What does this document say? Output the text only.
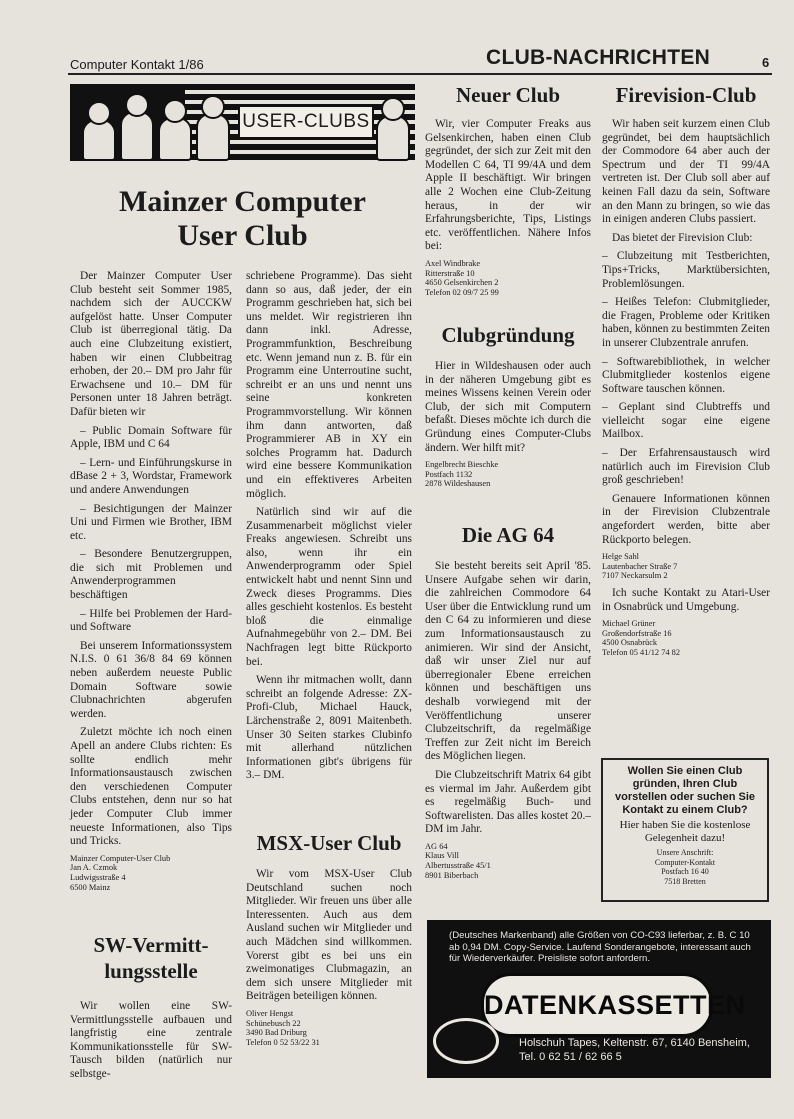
Computer Kontakt 1/86	CLUB-NACHRICHTEN	6
USER-CLUBS
Mainzer Computer
User Club

Der Mainzer Computer User Club besteht seit Sommer 1985, nachdem sich der AUCCKW aufgelöst hatte. Unser Computer Club ist überregional tätig. Da auch eine Clubzeitung existiert, haben wir einen Clubbeitrag erhoben, der 20.– DM pro Jahr für Erwachsene und 10.– DM für Personen unter 18 Jahren beträgt. Dafür bieten wir

– Public Domain Software für Apple, IBM und C 64

– Lern- und Einführungskurse in dBase 2 + 3, Wordstar, Framework und andere Anwendungen

– Besichtigungen der Mainzer Uni und Firmen wie Brother, IBM etc.

– Besondere Benutzergruppen, die sich mit Problemen und Anwenderprogrammen beschäftigen

– Hilfe bei Problemen der Hard- und Software

Bei unserem Informationssystem N.I.S. 0 61 36/8 84 69 können neben außerdem neueste Public Domain Software sowie Clubnachrichten abgerufen werden.

Zuletzt möchte ich noch einen Apell an andere Clubs richten: Es sollte endlich mehr Informationsaustausch zwischen den verschiedenen Computer Clubs entstehen, denn nur so hat jeder Computer Club immer neueste Informationen, also Tips und Tricks.

Mainzer Computer-User Club
Jan A. Czmok
Ludwigsstraße 4
6500 Mainz

SW-Vermitt-
lungsstelle

Wir wollen eine SW-Vermittlungsstelle aufbauen und langfristig eine zentrale Kommunikationsstelle für SW-Tausch bilden (natürlich nur selbstge-

schriebene Programme). Das sieht dann so aus, daß jeder, der ein Programm geschrieben hat, sich bei uns meldet. Wir registrieren ihn dann inkl. Adresse, Programmfunktion, Beschreibung etc. Wenn jemand nun z. B. für ein Programm eine Unterroutine sucht, schreibt er an uns und nennt uns seine konkreten Programmvorstellung. Wir können ihm dann antworten, daß Programmierer AB in XY ein solches Programm hat. Dadurch wird eine bessere Kommunikation und ein effektiveres Arbeiten möglich.

Natürlich sind wir auf die Zusammenarbeit möglichst vieler Freaks angewiesen. Schreibt uns also, wenn ihr ein Anwenderprogramm oder Spiel entwickelt habt und nennt Sinn und Zweck dieses Programms. Dies alles geschieht kostenlos. Es besteht bloß die einmalige Aufnahmegebühr von 2.– DM. Bei Nachfragen legt bitte Rückporto bei.

Wenn ihr mitmachen wollt, dann schreibt an folgende Adresse: ZX-Profi-Club, Michael Hauck, Lärchenstraße 2, 8091 Maitenbeth. Unser 30 Seiten starkes Clubinfo mit allerhand nützlichen Informationen gibt's übrigens für 3.– DM.

MSX-User Club

Wir vom MSX-User Club Deutschland suchen noch Mitglieder. Wir freuen uns über alle Interessenten. Auch aus dem Ausland suchen wir Mitglieder und auch Mädchen sind willkommen. Vorerst gibt es bei uns ein zweimonatiges Clubmagazin, an dem sich unsere Mitglieder mit Beiträgen beteiligen können.

Oliver Hengst
Schünebusch 22
3490 Bad Driburg
Telefon 0 52 53/22 31

Neuer Club

Wir, vier Computer Freaks aus Gelsenkirchen, haben einen Club gegründet, der sich zur Zeit mit den Modellen C 64, TI 99/4A und dem Apple II beschäftigt. Wir bringen alle 2 Wochen eine Club-Zeitung heraus, in der wir Erfahrungsberichte, Tips, Listings etc. veröffentlichen. Nähere Infos bei:

Axel Windbrake
Ritterstraße 10
4650 Gelsenkirchen 2
Telefon 02 09/7 25 99

Clubgründung

Hier in Wildeshausen oder auch in der näheren Umgebung gibt es meines Wissens keinen Verein oder Club, der sich mit Computern befaßt. Dieses möchte ich durch die Gründung eines Computer-Clubs ändern. Wer hilft mit?

Engelbrecht Bieschke
Postfach 1132
2878 Wildeshausen

Die AG 64

Sie besteht bereits seit April '85. Unsere Aufgabe sehen wir darin, die zahlreichen Commodore 64 User über die Entwicklung rund um den C 64 zu informieren und diese zum Informationsaustausch zu animieren. Wir sind der Ansicht, daß wir unser Ziel nur auf überregionaler Ebene erreichen können und beschäftigen uns deshalb vorwiegend mit der Veröffentlichung unserer Clubzeitschrift, da regelmäßige Treffen zur Zeit nicht im Bereich des Möglichen liegen.

Die Clubzeitschrift Matrix 64 gibt es viermal im Jahr. Außerdem gibt es regelmäßig Buch- und Softwarelisten. Das alles kostet 20.– DM im Jahr.

AG 64
Klaus Vill
Albertusstraße 45/1
8901 Biberbach

Firevision-Club

Wir haben seit kurzem einen Club gegründet, bei dem hauptsächlich der Commodore 64 aber auch der Spectrum und der TI 99/4A vertreten ist. Der Club soll aber auf keinen Fall dazu da sein, Software an den Mann zu bringen, so wie das in einigen anderen Clubs passiert.

Das bietet der Firevision Club:

– Clubzeitung mit Testberichten, Tips+Tricks, Marktübersichten, Problemlösungen.

– Heißes Telefon: Clubmitglieder, die Fragen, Probleme oder Kritiken haben, können zu bestimmten Zeiten in unserer Clubzentrale anrufen.

– Softwarebibliothek, in welcher Clubmitglieder kostenlos eigene Software tauschen können.

– Geplant sind Clubtreffs und vielleicht sogar eine eigene Mailbox.

– Der Erfahrensaustausch wird natürlich auch im Firevision Club groß geschrieben!

Genauere Informationen können in der Firevision Clubzentrale angefordert werden, bitte aber Rückporto belegen.

Helge Sahl
Lautenbacher Straße 7
7107 Neckarsulm 2

Ich suche Kontakt zu Atari-User in Osnabrück und Umgebung.

Michael Grüner
Großendorfstraße 16
4500 Osnabrück
Telefon 05 41/12 74 82

Wollen Sie einen Club gründen, Ihren Club vorstellen oder suchen Sie Kontakt zu einem Club?
Hier haben Sie die kostenlose Gelegenheit dazu!
Unsere Anschrift:
Computer-Kontakt
Postfach 16 40
7518 Bretten
(Deutsches Markenband) alle Größen von CO-C93 lieferbar, z. B. C 10 ab 0,94 DM. Copy-Service. Laufend Sonderangebote, interessant auch für Wiederverkäufer. Preisliste sofort anfordern.
DATENKASSETTEN
Holschuh Tapes, Keltenstr. 67, 6140 Bensheim,
Tel. 0 62 51 / 62 66 5
